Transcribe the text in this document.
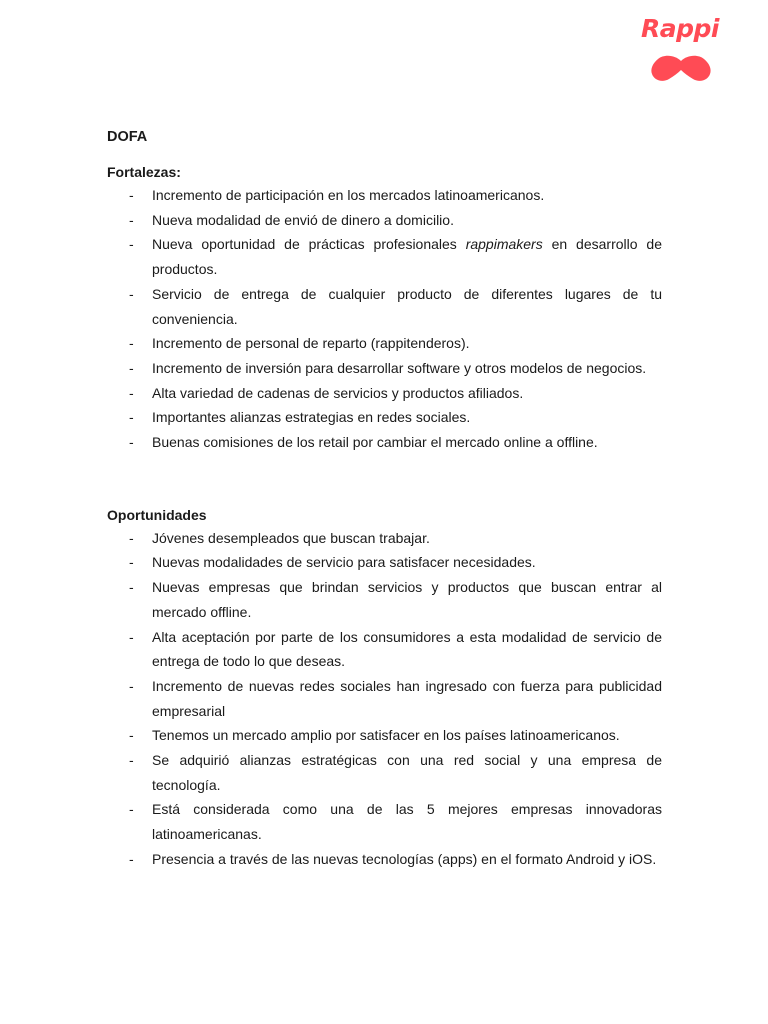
Rappi
DOFA
Fortalezas:
- Incremento de participación en los mercados latinoamericanos.
- Nueva modalidad de envió de dinero a domicilio.
- Nueva oportunidad de prácticas profesionales rappimakers en desarrollo de productos.
- Servicio de entrega de cualquier producto de diferentes lugares de tu conveniencia.
- Incremento de personal de reparto (rappitenderos).
- Incremento de inversión para desarrollar software y otros modelos de negocios.
- Alta variedad de cadenas de servicios y productos afiliados.
- Importantes alianzas estrategias en redes sociales.
- Buenas comisiones de los retail por cambiar el mercado online a offline.
Oportunidades
- Jóvenes desempleados que buscan trabajar.
- Nuevas modalidades de servicio para satisfacer necesidades.
- Nuevas empresas que brindan servicios y productos que buscan entrar al mercado offline.
- Alta aceptación por parte de los consumidores a esta modalidad de servicio de entrega de todo lo que deseas.
- Incremento de nuevas redes sociales han ingresado con fuerza para publicidad empresarial
- Tenemos un mercado amplio por satisfacer en los países latinoamericanos.
- Se adquirió alianzas estratégicas con una red social y una empresa de tecnología.
- Está considerada como una de las 5 mejores empresas innovadoras latinoamericanas.
- Presencia a través de las nuevas tecnologías (apps) en el formato Android y iOS.
